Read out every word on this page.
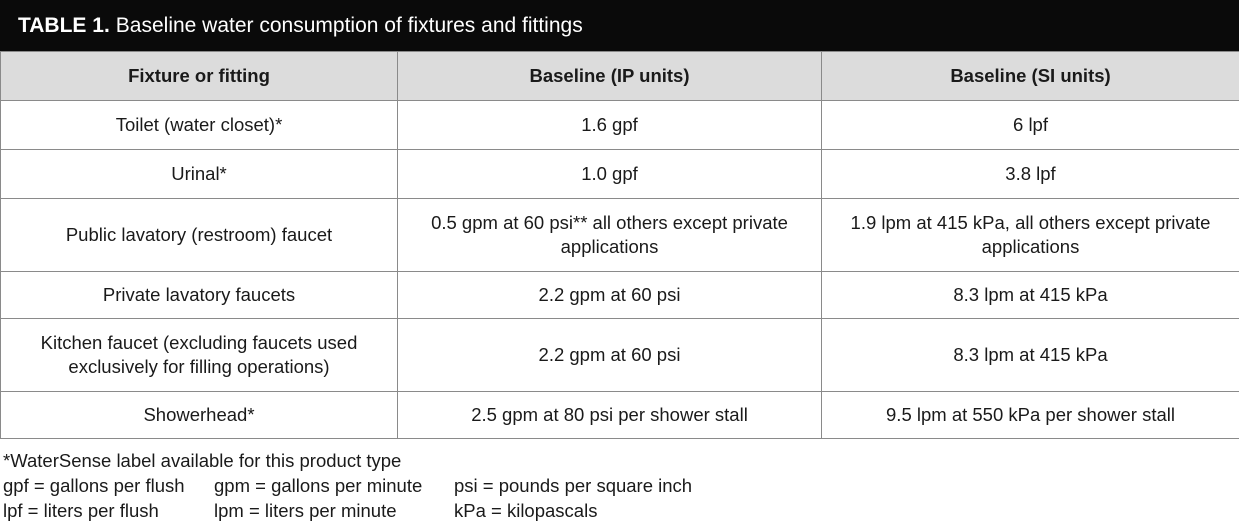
TABLE 1. Baseline water consumption of fixtures and fittings
Fixture or fitting	Baseline (IP units)	Baseline (SI units)
Toilet (water closet)*	1.6 gpf	6 lpf
Urinal*	1.0 gpf	3.8 lpf
Public lavatory (restroom) faucet	0.5 gpm at 60 psi** all others except private applications	1.9 lpm at 415 kPa, all others except private applications
Private lavatory faucets	2.2 gpm at 60 psi	8.3 lpm at 415 kPa
Kitchen faucet (excluding faucets used exclusively for filling operations)	2.2 gpm at 60 psi	8.3 lpm at 415 kPa
Showerhead*	2.5 gpm at 80 psi per shower stall	9.5 lpm at 550 kPa per shower stall
*WaterSense label available for this product type
gpf = gallons per flush	gpm = gallons per minute	psi = pounds per square inch
lpf = liters per flush	lpm = liters per minute	kPa = kilopascals
